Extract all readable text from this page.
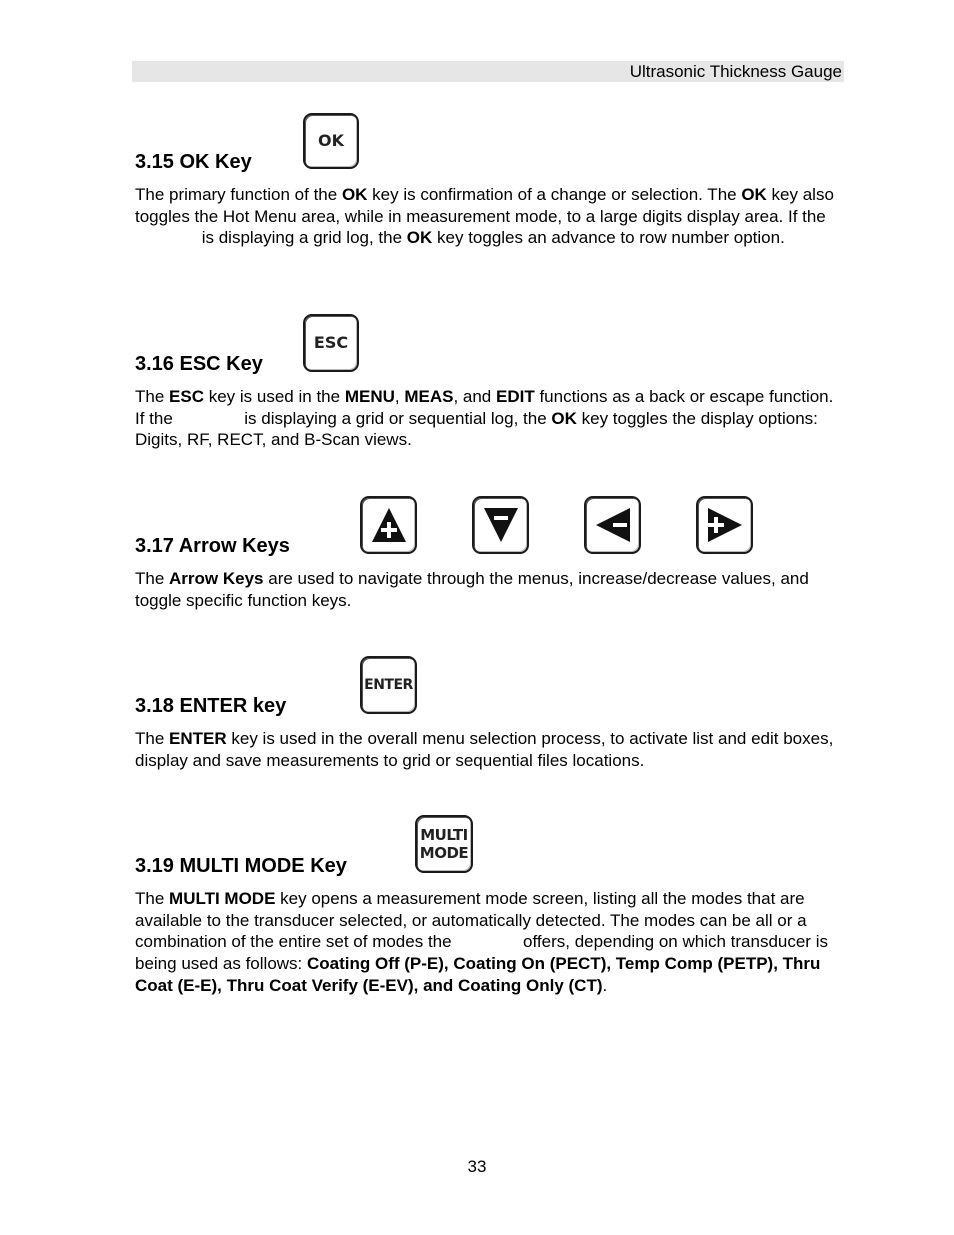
Ultrasonic Thickness Gauge
OK
3.15 OK Key

The primary function of the OK key is confirmation of a change or selection. The OK key also toggles the Hot Menu area, while in measurement mode, to a large digits display area. If the  is displaying a grid log, the OK key toggles an advance to row number option.

ESC
3.16 ESC Key

The ESC key is used in the MENU, MEAS, and EDIT functions as a back or escape function. If the	is displaying a grid or sequential log, the OK key toggles the display options: Digits, RF, RECT, and B-Scan views.

3.17 Arrow Keys

The Arrow Keys are used to navigate through the menus, increase/decrease values, and toggle specific function keys.

ENTER
3.18 ENTER key

The ENTER key is used in the overall menu selection process, to activate list and edit boxes, display and save measurements to grid or sequential files locations.

MULTI
MODE
3.19 MULTI MODE Key

The MULTI MODE key opens a measurement mode screen, listing all the modes that are available to the transducer selected, or automatically detected. The modes can be all or a combination of the entire set of modes the	offers, depending on which transducer is being used as follows: Coating Off (P-E), Coating On (PECT), Temp Comp (PETP), Thru Coat (E-E), Thru Coat Verify (E-EV), and Coating Only (CT).

33
